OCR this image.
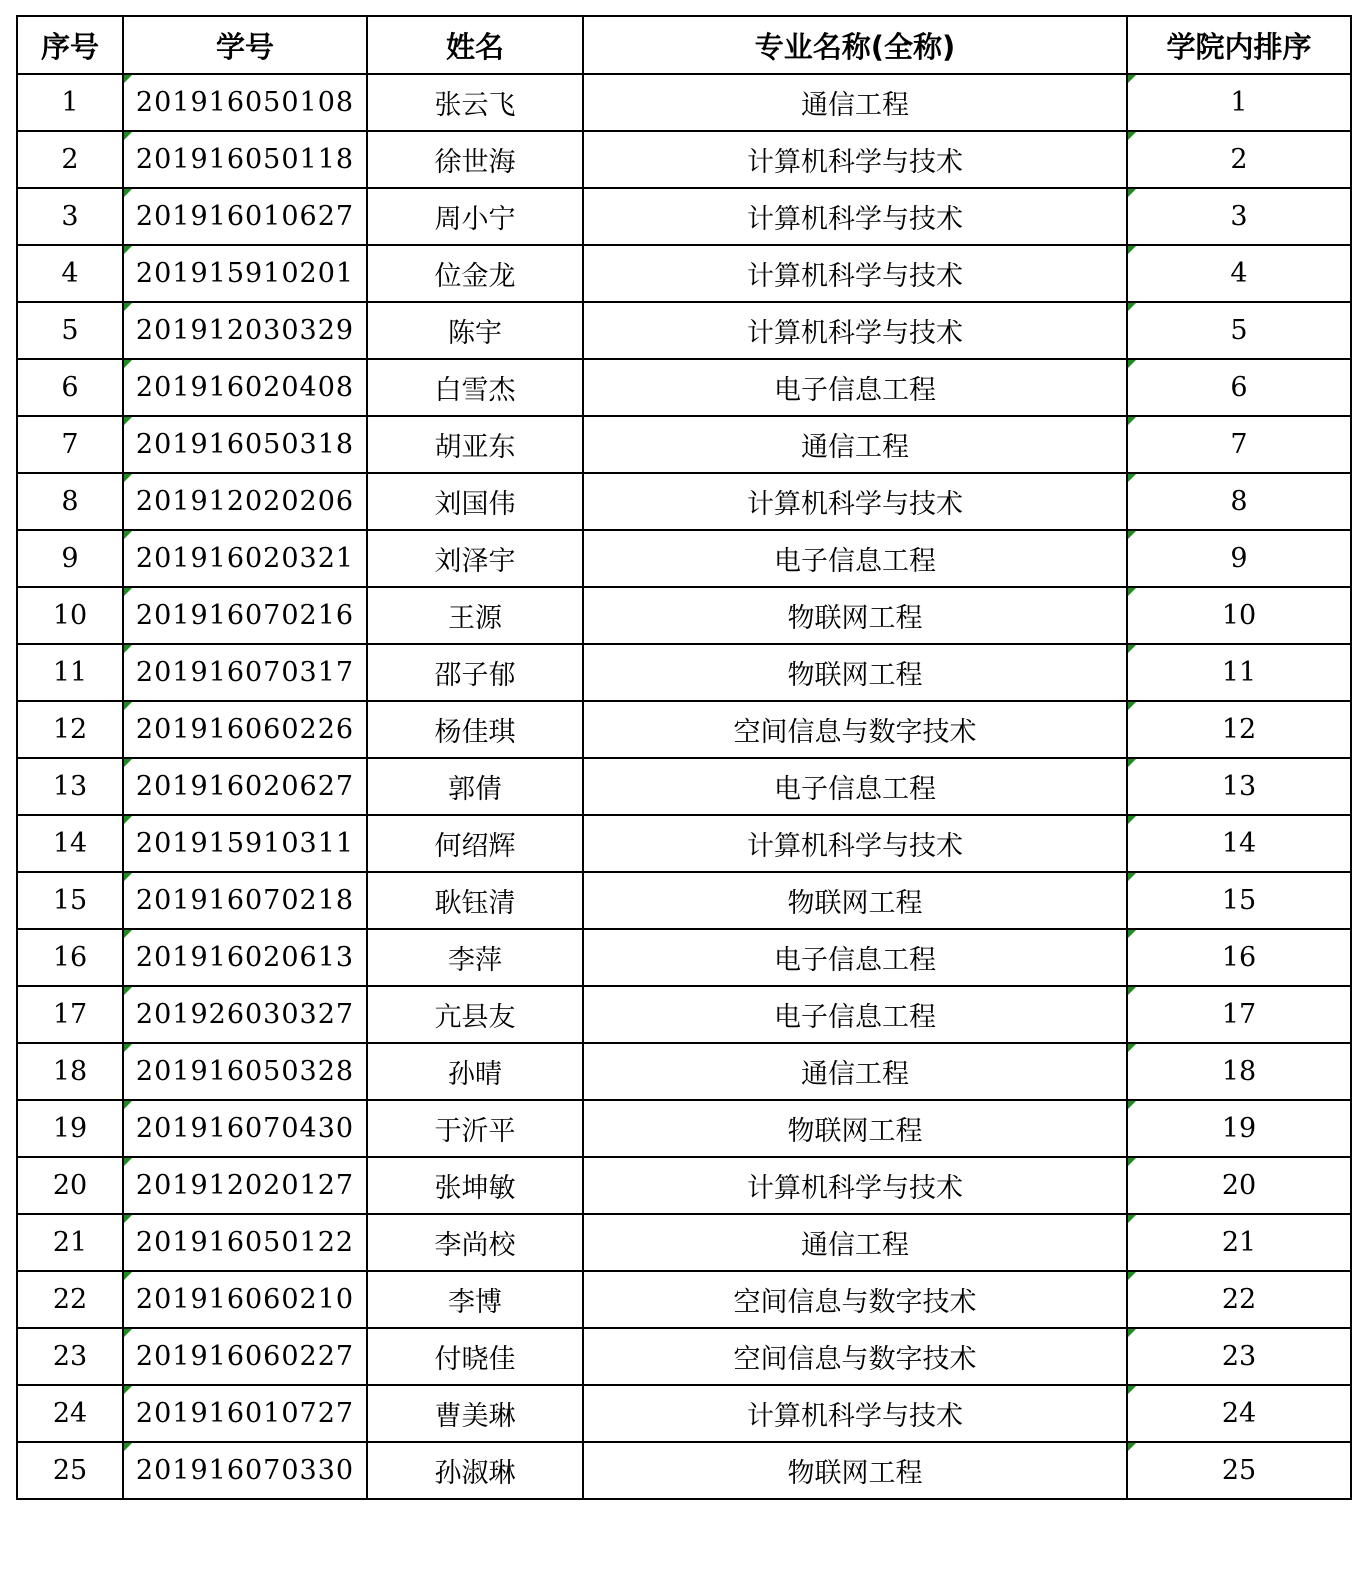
序号	学号	姓名	专业名称(全称)	学院内排序
1	201916050108	张云飞	通信工程	1
2	201916050118	徐世海	计算机科学与技术	2
3	201916010627	周小宁	计算机科学与技术	3
4	201915910201	位金龙	计算机科学与技术	4
5	201912030329	陈宇	计算机科学与技术	5
6	201916020408	白雪杰	电子信息工程	6
7	201916050318	胡亚东	通信工程	7
8	201912020206	刘国伟	计算机科学与技术	8
9	201916020321	刘泽宇	电子信息工程	9
10	201916070216	王源	物联网工程	10
11	201916070317	邵子郁	物联网工程	11
12	201916060226	杨佳琪	空间信息与数字技术	12
13	201916020627	郭倩	电子信息工程	13
14	201915910311	何绍辉	计算机科学与技术	14
15	201916070218	耿钰清	物联网工程	15
16	201916020613	李萍	电子信息工程	16
17	201926030327	亢县友	电子信息工程	17
18	201916050328	孙晴	通信工程	18
19	201916070430	于沂平	物联网工程	19
20	201912020127	张坤敏	计算机科学与技术	20
21	201916050122	李尚校	通信工程	21
22	201916060210	李博	空间信息与数字技术	22
23	201916060227	付晓佳	空间信息与数字技术	23
24	201916010727	曹美琳	计算机科学与技术	24
25	201916070330	孙淑琳	物联网工程	25
